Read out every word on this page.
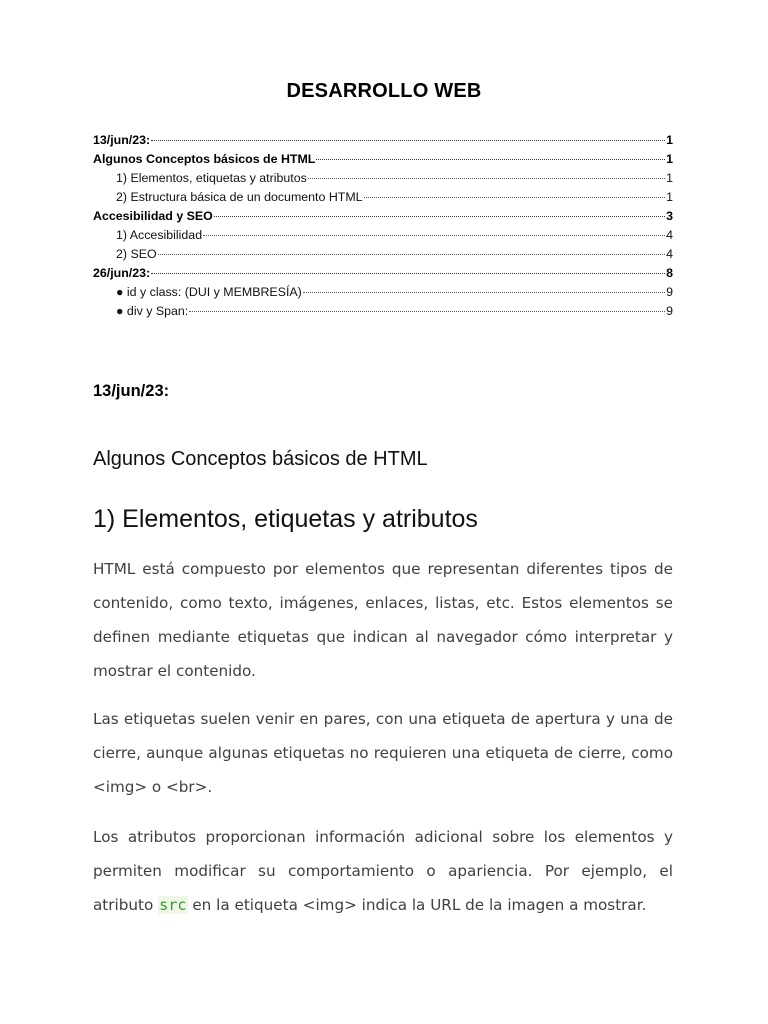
DESARROLLO WEB
13/jun/23:	1
Algunos Conceptos básicos de HTML	1
1) Elementos, etiquetas y atributos	1
2) Estructura básica de un documento HTML	1
Accesibilidad y SEO	3
1) Accesibilidad	4
2) SEO	4
26/jun/23:	8
● id y class: (DUI y MEMBRESÍA)	9
● div y Span:	9
13/jun/23:
Algunos Conceptos básicos de HTML
1) Elementos, etiquetas y atributos

HTML está compuesto por elementos que representan diferentes tipos de contenido, como texto, imágenes, enlaces, listas, etc. Estos elementos se definen mediante etiquetas que indican al navegador cómo interpretar y mostrar el contenido.

Las etiquetas suelen venir en pares, con una etiqueta de apertura y una de cierre, aunque algunas etiquetas no requieren una etiqueta de cierre, como <img> o <br>.

Los atributos proporcionan información adicional sobre los elementos y permiten modificar su comportamiento o apariencia. Por ejemplo, el atributo src en la etiqueta <img> indica la URL de la imagen a mostrar.
